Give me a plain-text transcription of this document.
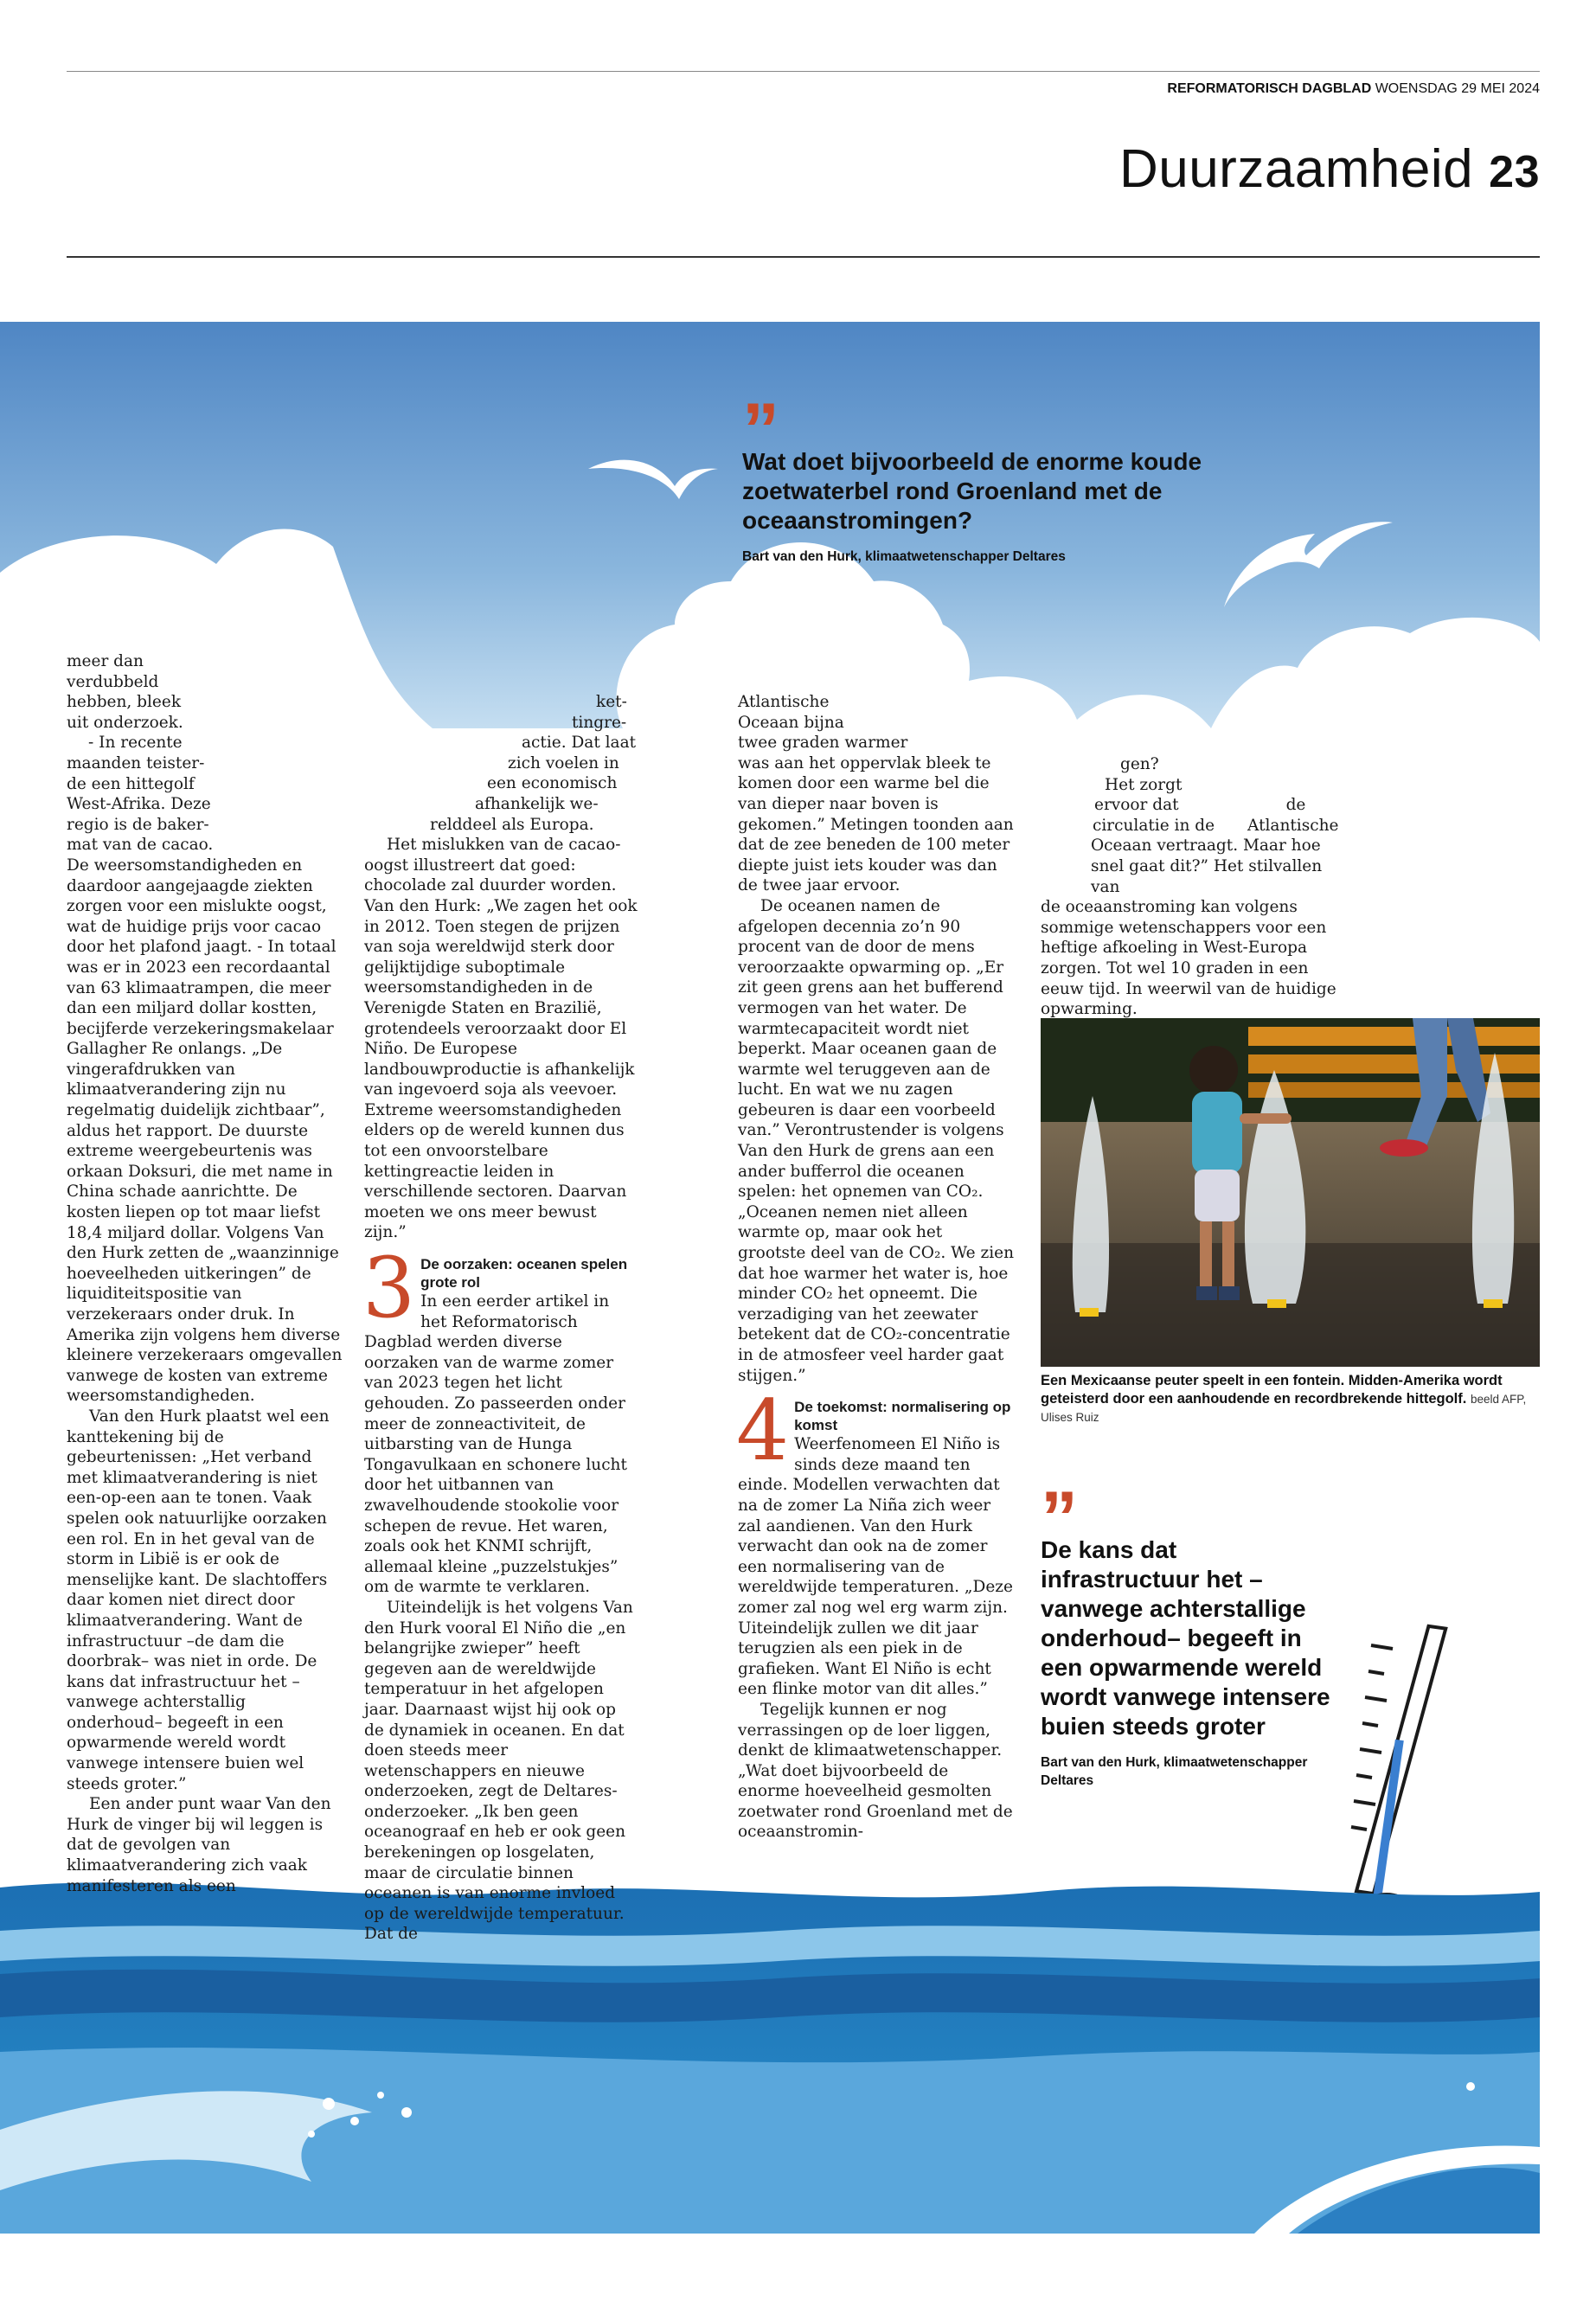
REFORMATORISCH DAGBLAD WOENSDAG 29 MEI 2024
Duurzaamheid 23
”
Wat doet bijvoorbeeld de enorme koude zoetwaterbel rond Groenland met de oceaanstromingen?
Bart van den Hurk, klimaatwetenschapper Deltares

meer dan

verdubbeld

hebben, bleek

uit onderzoek.

- In recente

maanden teister-

de een hittegolf

West-Afrika. Deze

regio is de baker-

mat van de cacao.

De weersomstandigheden en daardoor aangejaagde ziekten zorgen voor een mislukte oogst, wat de huidige prijs voor cacao door het plafond jaagt. - In totaal was er in 2023 een recordaantal van 63 klimaatrampen, die meer dan een miljard dollar kostten, becijferde verzekeringsmakelaar Gallagher Re onlangs. „De vingerafdrukken van klimaatverandering zijn nu regelmatig duidelijk zichtbaar”, aldus het rapport. De duurste extreme weergebeurtenis was orkaan Doksuri, die met name in China schade aanrichtte. De kosten liepen op tot maar liefst 18,4 miljard dollar. Volgens Van den Hurk zetten de „waanzinnige hoeveelheden uitkeringen” de liquiditeitspositie van verzekeraars onder druk. In Amerika zijn volgens hem diverse kleinere verzekeraars omgevallen vanwege de kosten van extreme weersomstandigheden.

Van den Hurk plaatst wel een kanttekening bij de gebeurtenissen: „Het verband met klimaatverandering is niet een-op-een aan te tonen. Vaak spelen ook natuurlijke oorzaken een rol. En in het geval van de storm in Libië is er ook de menselijke kant. De slachtoffers daar komen niet direct door klimaatverandering. Want de infrastructuur –de dam die doorbrak– was niet in orde. De kans dat infrastructuur het –vanwege achterstallig onderhoud– begeeft in een opwarmende wereld wordt vanwege intensere buien wel steeds groter.”

Een ander punt waar Van den Hurk de vinger bij wil leggen is dat de gevolgen van klimaatverandering zich vaak manifesteren als een

ket-

tingre-

actie. Dat laat

zich voelen in

een economisch

afhankelijk we-

relddeel als Europa.

Het mislukken van de cacao-oogst illustreert dat goed: chocolade zal duurder worden. Van den Hurk: „We zagen het ook in 2012. Toen stegen de prijzen van soja wereldwijd sterk door gelijktijdige suboptimale weersomstandigheden in de Verenigde Staten en Brazilië, grotendeels veroorzaakt door El Niño. De Europese landbouwproductie is afhankelijk van ingevoerd soja als veevoer. Extreme weersomstandigheden elders op de wereld kunnen dus tot een onvoorstelbare kettingreactie leiden in verschillende sectoren. Daarvan moeten we ons meer bewust zijn.”

3 De oorzaken: oceanen spelen grote rol

In een eerder artikel in het Reformatorisch Dagblad werden diverse oorzaken van de warme zomer van 2023 tegen het licht gehouden. Zo passeerden onder meer de zonneactiviteit, de uitbarsting van de Hunga Tongavulkaan en schonere lucht door het uitbannen van zwavelhoudende stookolie voor schepen de revue. Het waren, zoals ook het KNMI schrijft, allemaal kleine „puzzelstukjes” om de warmte te verklaren.

Uiteindelijk is het volgens Van den Hurk vooral El Niño die „en belangrijke zwieper” heeft gegeven aan de wereldwijde temperatuur in het afgelopen jaar. Daarnaast wijst hij ook op de dynamiek in oceanen. En dat doen steeds meer wetenschappers en nieuwe onderzoeken, zegt de Deltares-onderzoeker. „Ik ben geen oceanograaf en heb er ook geen berekeningen op losgelaten, maar de circulatie binnen oceanen is van enorme invloed op de wereldwijde temperatuur. Dat de

Atlantische

Oceaan bijna

twee graden warmer

was aan het oppervlak bleek te komen door een warme bel die van dieper naar boven is gekomen.” Metingen toonden aan dat de zee beneden de 100 meter diepte juist iets kouder was dan de twee jaar ervoor.

De oceanen namen de afgelopen decennia zo’n 90 procent van de door de mens veroorzaakte opwarming op. „Er zit geen grens aan het bufferend vermogen van het water. De warmtecapaciteit wordt niet beperkt. Maar oceanen gaan de warmte wel teruggeven aan de lucht. En wat we nu zagen gebeuren is daar een voorbeeld van.” Verontrustender is volgens Van den Hurk de grens aan een ander bufferrol die oceanen spelen: het opnemen van CO₂. „Oceanen nemen niet alleen warmte op, maar ook het grootste deel van de CO₂. We zien dat hoe warmer het water is, hoe minder CO₂ het opneemt. Die verzadiging van het zeewater betekent dat de CO₂-concentratie in de atmosfeer veel harder gaat stijgen.”

4 De toekomst: normalisering op komst

Weerfenomeen El Niño is sinds deze maand ten einde. Modellen verwachten dat na de zomer La Niña zich weer zal aandienen. Van den Hurk verwacht dan ook na de zomer een normalisering van de wereldwijde temperaturen. „Deze zomer zal nog wel erg warm zijn. Uiteindelijk zullen we dit jaar terugzien als een piek in de grafieken. Want El Niño is echt een flinke motor van dit alles.”

Tegelijk kunnen er nog verrassingen op de loer liggen, denkt de klimaatwetenschapper. „Wat doet bijvoorbeeld de enorme hoeveelheid gesmolten zoetwater rond Groenland met de oceaanstromin-

gen?

Het zorgt

ervoor dat	de

circulatie in de Atlantische

Oceaan vertraagt. Maar hoe

snel gaat dit?” Het stilvallen van

de oceaanstroming kan volgens sommige wetenschappers voor een heftige afkoeling in West-Europa zorgen. Tot wel 10 graden in een eeuw tijd. In weerwil van de huidige opwarming.

Een Mexicaanse peuter speelt in een fontein. Midden-Amerika wordt geteisterd door een aanhoudende en recordbrekende hittegolf. beeld AFP, Ulises Ruiz
”
De kans dat infrastructuur het –vanwege achterstallige onderhoud– begeeft in een opwarmende wereld wordt vanwege intensere buien steeds groter
Bart van den Hurk, klimaatwetenschapper Deltares
